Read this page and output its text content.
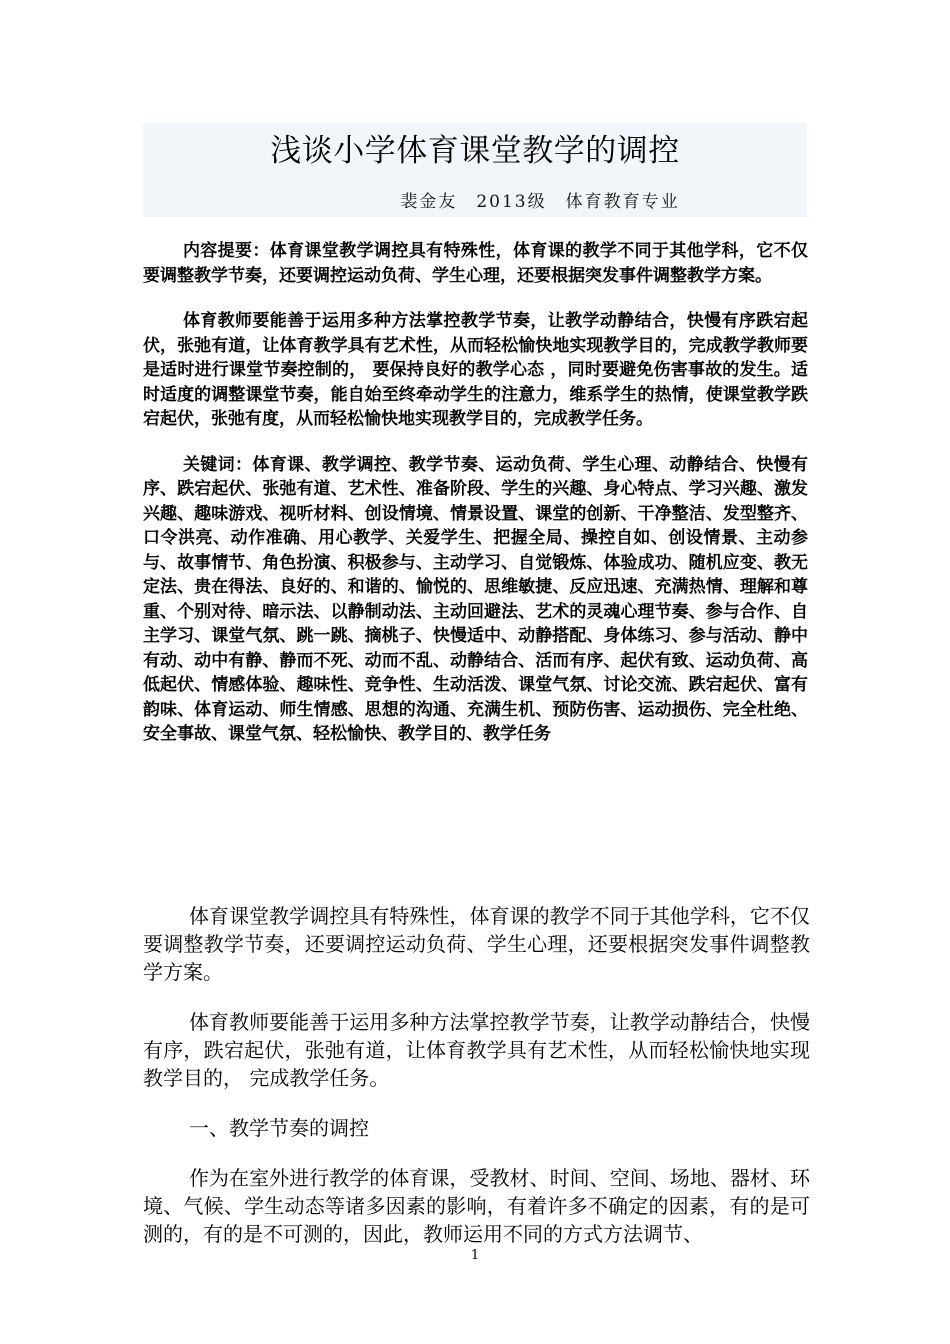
浅谈小学体育课堂教学的调控
裴金友　2013级　体育教育专业

内容提要：体育课堂教学调控具有特殊性，体育课的教学不同于其他学科，它不仅要调整教学节奏，还要调控运动负荷、学生心理，还要根据突发事件调整教学方案。

体育教师要能善于运用多种方法掌控教学节奏，让教学动静结合，快慢有序跌宕起伏，张弛有道，让体育教学具有艺术性，从而轻松愉快地实现教学目的，完成教学教师要是适时进行课堂节奏控制的， 要保持良好的教学心态 ，同时要避免伤害事故的发生。适时适度的调整课堂节奏，能自始至终牵动学生的注意力，维系学生的热情，使课堂教学跌宕起伏，张弛有度，从而轻松愉快地实现教学目的，完成教学任务。

关键词：体育课、教学调控、教学节奏、运动负荷、学生心理、动静结合、快慢有序、跌宕起伏、张弛有道、艺术性、准备阶段、学生的兴趣、身心特点、学习兴趣、激发兴趣、趣味游戏、视听材料、创设情境、情景设置、课堂的创新、干净整洁、发型整齐、口令洪亮、动作准确、用心教学、关爱学生、把握全局、操控自如、创设情景、主动参与、故事情节、角色扮演、积极参与、主动学习、自觉锻炼、体验成功、随机应变、教无定法、贵在得法、良好的、和谐的、愉悦的、思维敏捷、反应迅速、充满热情、理解和尊重、个别对待、暗示法、以静制动法、主动回避法、艺术的灵魂心理节奏、参与合作、自主学习、课堂气氛、跳一跳、摘桃子、快慢适中、动静搭配、身体练习、参与活动、静中有动、动中有静、静而不死、动而不乱、动静结合、活而有序、起伏有致、运动负荷、高低起伏、情感体验、趣味性、竞争性、生动活泼、课堂气氛、讨论交流、跌宕起伏、富有韵味、体育运动、师生情感、思想的沟通、充满生机、预防伤害、运动损伤、完全杜绝、安全事故、课堂气氛、轻松愉快、教学目的、教学任务

体育课堂教学调控具有特殊性，体育课的教学不同于其他学科，它不仅要调整教学节奏，还要调控运动负荷、学生心理，还要根据突发事件调整教学方案。

体育教师要能善于运用多种方法掌控教学节奏，让教学动静结合，快慢有序，跌宕起伏，张弛有道，让体育教学具有艺术性，从而轻松愉快地实现教学目的， 完成教学任务。

一、教学节奏的调控

作为在室外进行教学的体育课，受教材、时间、空间、场地、器材、环境、气候、学生动态等诸多因素的影响，有着许多不确定的因素，有的是可测的，有的是不可测的，因此，教师运用不同的方式方法调节、

1
